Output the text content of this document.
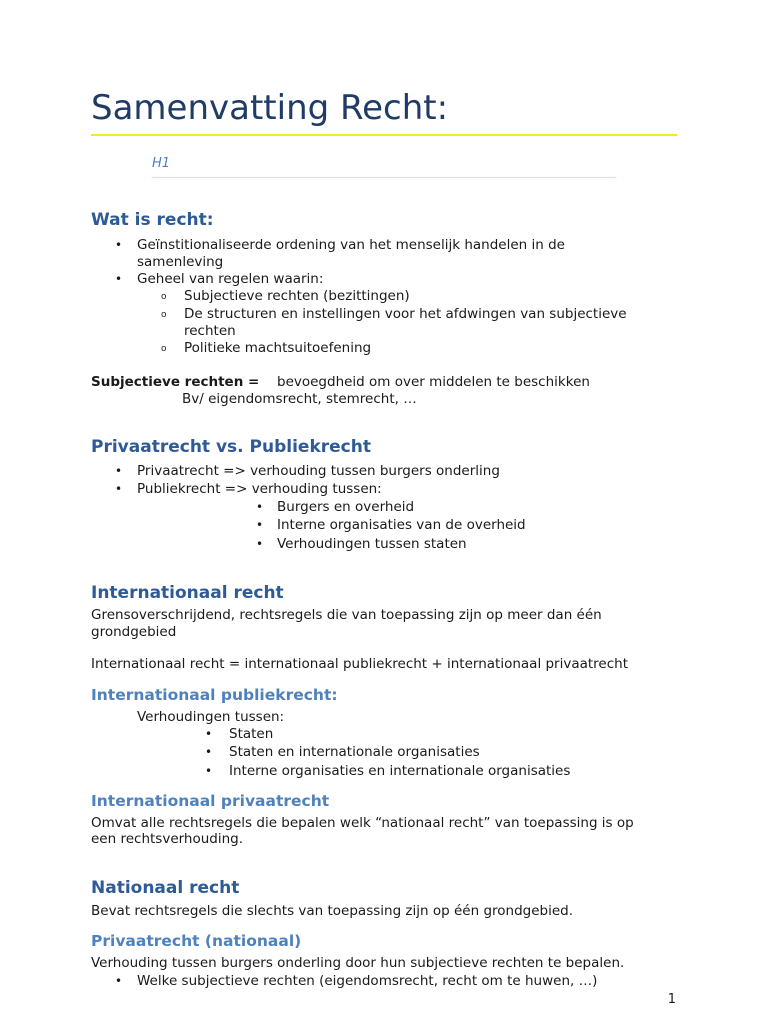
Samenvatting Recht:
H1
Wat is recht:
• Geïnstitionaliseerde ordening van het menselijk handelen in de
samenleving
• Geheel van regelen waarin:
o Subjectieve rechten (bezittingen)
o De structuren en instellingen voor het afdwingen van subjectieve
rechten
o Politieke machtsuitoefening
Subjectieve rechten = bevoegdheid om over middelen te beschikken
Bv/ eigendomsrecht, stemrecht, …
Privaatrecht vs. Publiekrecht
• Privaatrecht => verhouding tussen burgers onderling
• Publiekrecht => verhouding tussen:
• Burgers en overheid
• Interne organisaties van de overheid
• Verhoudingen tussen staten
Internationaal recht
Grensoverschrijdend, rechtsregels die van toepassing zijn op meer dan één
grondgebied
Internationaal recht = internationaal publiekrecht + internationaal privaatrecht
Internationaal publiekrecht:
Verhoudingen tussen:
• Staten
• Staten en internationale organisaties
• Interne organisaties en internationale organisaties
Internationaal privaatrecht
Omvat alle rechtsregels die bepalen welk “nationaal recht” van toepassing is op
een rechtsverhouding.
Nationaal recht
Bevat rechtsregels die slechts van toepassing zijn op één grondgebied.
Privaatrecht (nationaal)
Verhouding tussen burgers onderling door hun subjectieve rechten te bepalen.
• Welke subjectieve rechten (eigendomsrecht, recht om te huwen, …)
1
